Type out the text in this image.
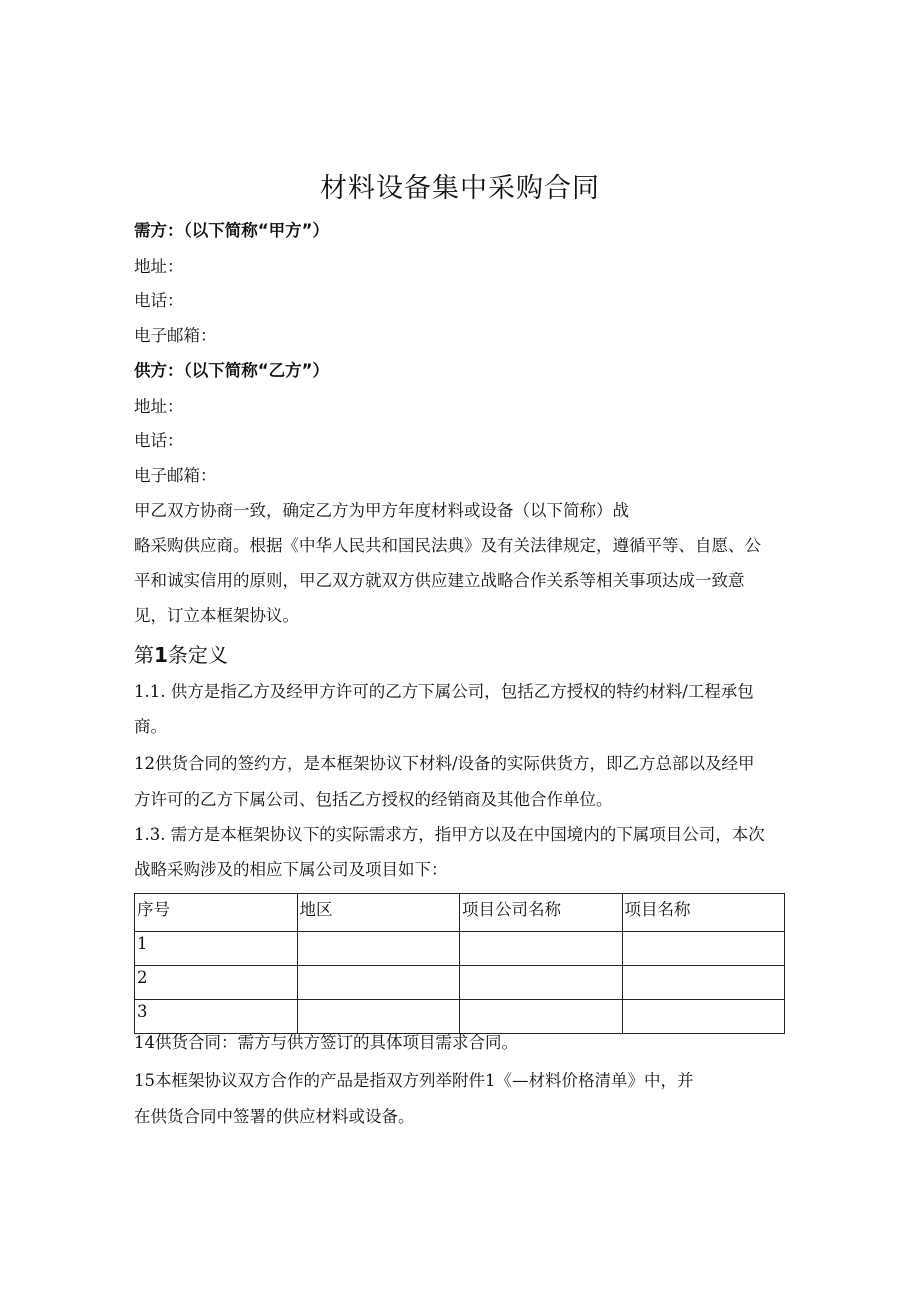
材料设备集中采购合同
需方：（以下简称“甲方”）
地址：
电话：
电子邮箱：
供方：（以下简称“乙方”）
地址：
电话：
电子邮箱：
甲乙双方协商一致，确定乙方为甲方年度材料或设备（以下简称）战
略采购供应商。根据《中华人民共和国民法典》及有关法律规定，遵循平等、自愿、公
平和诚实信用的原则，甲乙双方就双方供应建立战略合作关系等相关事项达成一致意
见，订立本框架协议。
第1条定义
1.1. 供方是指乙方及经甲方许可的乙方下属公司，包括乙方授权的特约材料/工程承包
商。
12供货合同的签约方，是本框架协议下材料/设备的实际供货方，即乙方总部以及经甲
方许可的乙方下属公司、包括乙方授权的经销商及其他合作单位。
1.3. 需方是本框架协议下的实际需求方，指甲方以及在中国境内的下属项目公司，本次
战略采购涉及的相应下属公司及项目如下：
序号	地区	项目公司名称	项目名称
1			
2			
3			
14供货合同：需方与供方签订的具体项目需求合同。
15本框架协议双方合作的产品是指双方列举附件1《—材料价格清单》中，并
在供货合同中签署的供应材料或设备。
